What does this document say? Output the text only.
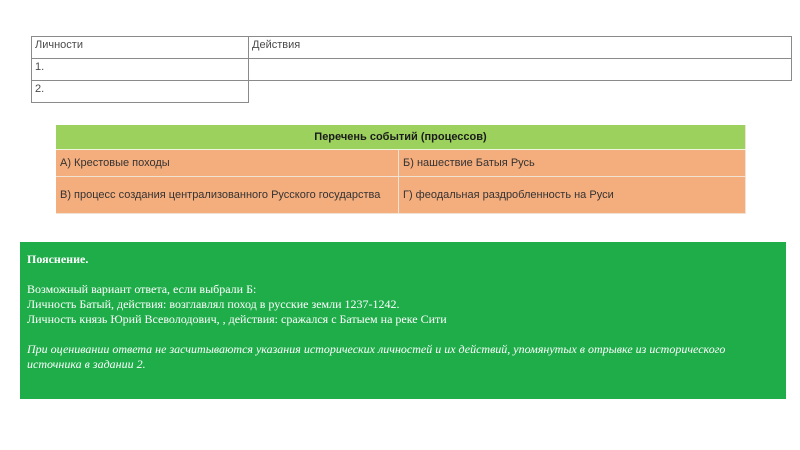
Личности	Действия
1.	
2.	
Перечень событий (процессов)	
А) Крестовые походы	Б) нашествие Батыя Русь
В) процесс создания централизованного Русского государства	Г) феодальная раздробленность на Руси

Пояснение.

Возможный вариант ответа, если выбрали Б:

Личность Батый, действия: возглавлял поход в русские земли 1237-1242.

Личность князь Юрий Всеволодович, , действия: сражался с Батыем на реке Сити

При оценивании ответа не засчитываются указания исторических личностей и их действий, упомянутых в отрывке из исторического источника в задании 2.
